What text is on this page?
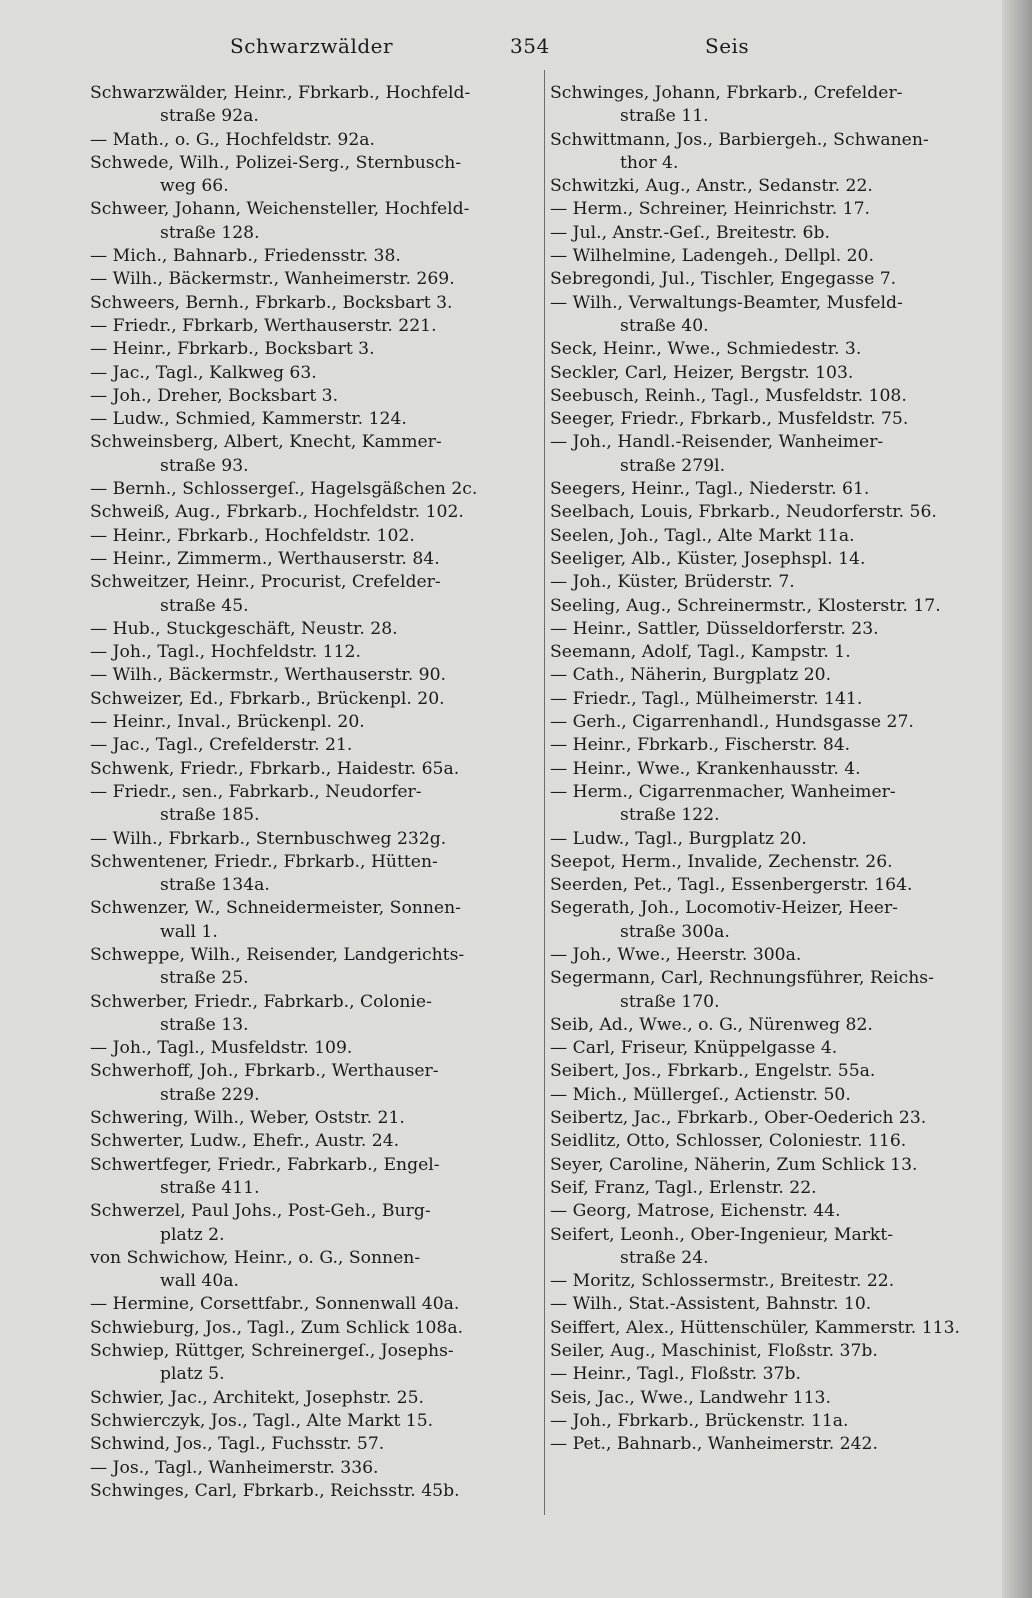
Schwarzwälder	354	Seis
Schwarzwälder, Heinr., Fbrkarb., Hochfeld-
straße 92a.
— Math., o. G., Hochfeldstr. 92a.
Schwede, Wilh., Polizei-Serg., Sternbusch-
weg 66.
Schweer, Johann, Weichensteller, Hochfeld-
straße 128.
— Mich., Bahnarb., Friedensstr. 38.
— Wilh., Bäckermstr., Wanheimerstr. 269.
Schweers, Bernh., Fbrkarb., Bocksbart 3.
— Friedr., Fbrkarb, Werthauserstr. 221.
— Heinr., Fbrkarb., Bocksbart 3.
— Jac., Tagl., Kalkweg 63.
— Joh., Dreher, Bocksbart 3.
— Ludw., Schmied, Kammerstr. 124.
Schweinsberg, Albert, Knecht, Kammer-
straße 93.
— Bernh., Schlossergeſ., Hagelsgäßchen 2c.
Schweiß, Aug., Fbrkarb., Hochfeldstr. 102.
— Heinr., Fbrkarb., Hochfeldstr. 102.
— Heinr., Zimmerm., Werthauserstr. 84.
Schweitzer, Heinr., Procurist, Crefelder-
straße 45.
— Hub., Stuckgeschäft, Neustr. 28.
— Joh., Tagl., Hochfeldstr. 112.
— Wilh., Bäckermstr., Werthauserstr. 90.
Schweizer, Ed., Fbrkarb., Brückenpl. 20.
— Heinr., Inval., Brückenpl. 20.
— Jac., Tagl., Crefelderstr. 21.
Schwenk, Friedr., Fbrkarb., Haidestr. 65a.
— Friedr., sen., Fabrkarb., Neudorfer-
straße 185.
— Wilh., Fbrkarb., Sternbuschweg 232g.
Schwentener, Friedr., Fbrkarb., Hütten-
straße 134a.
Schwenzer, W., Schneidermeister, Sonnen-
wall 1.
Schweppe, Wilh., Reisender, Landgerichts-
straße 25.
Schwerber, Friedr., Fabrkarb., Colonie-
straße 13.
— Joh., Tagl., Musfeldstr. 109.
Schwerhoff, Joh., Fbrkarb., Werthauser-
straße 229.
Schwering, Wilh., Weber, Oststr. 21.
Schwerter, Ludw., Ehefr., Austr. 24.
Schwertfeger, Friedr., Fabrkarb., Engel-
straße 411.
Schwerzel, Paul Johs., Post-Geh., Burg-
platz 2.
von Schwichow, Heinr., o. G., Sonnen-
wall 40a.
— Hermine, Corsettfabr., Sonnenwall 40a.
Schwieburg, Jos., Tagl., Zum Schlick 108a.
Schwiep, Rüttger, Schreinergeſ., Josephs-
platz 5.
Schwier, Jac., Architekt, Josephstr. 25.
Schwierczyk, Jos., Tagl., Alte Markt 15.
Schwind, Jos., Tagl., Fuchsstr. 57.
— Jos., Tagl., Wanheimerstr. 336.
Schwinges, Carl, Fbrkarb., Reichsstr. 45b.
Schwinges, Johann, Fbrkarb., Crefelder-
straße 11.
Schwittmann, Jos., Barbiergeh., Schwanen-
thor 4.
Schwitzki, Aug., Anstr., Sedanstr. 22.
— Herm., Schreiner, Heinrichstr. 17.
— Jul., Anstr.-Geſ., Breitestr. 6b.
— Wilhelmine, Ladengeh., Dellpl. 20.
Sebregondi, Jul., Tischler, Engegasse 7.
— Wilh., Verwaltungs-Beamter, Musfeld-
straße 40.
Seck, Heinr., Wwe., Schmiedestr. 3.
Seckler, Carl, Heizer, Bergstr. 103.
Seebusch, Reinh., Tagl., Musfeldstr. 108.
Seeger, Friedr., Fbrkarb., Musfeldstr. 75.
— Joh., Handl.-Reisender, Wanheimer-
straße 279l.
Seegers, Heinr., Tagl., Niederstr. 61.
Seelbach, Louis, Fbrkarb., Neudorferstr. 56.
Seelen, Joh., Tagl., Alte Markt 11a.
Seeliger, Alb., Küster, Josephspl. 14.
— Joh., Küster, Brüderstr. 7.
Seeling, Aug., Schreinermstr., Klosterstr. 17.
— Heinr., Sattler, Düsseldorferstr. 23.
Seemann, Adolf, Tagl., Kampstr. 1.
— Cath., Näherin, Burgplatz 20.
— Friedr., Tagl., Mülheimerstr. 141.
— Gerh., Cigarrenhandl., Hundsgasse 27.
— Heinr., Fbrkarb., Fischerstr. 84.
— Heinr., Wwe., Krankenhausstr. 4.
— Herm., Cigarrenmacher, Wanheimer-
straße 122.
— Ludw., Tagl., Burgplatz 20.
Seepot, Herm., Invalide, Zechenstr. 26.
Seerden, Pet., Tagl., Essenbergerstr. 164.
Segerath, Joh., Locomotiv-Heizer, Heer-
straße 300a.
— Joh., Wwe., Heerstr. 300a.
Segermann, Carl, Rechnungsführer, Reichs-
straße 170.
Seib, Ad., Wwe., o. G., Nürenweg 82.
— Carl, Friseur, Knüppelgasse 4.
Seibert, Jos., Fbrkarb., Engelstr. 55a.
— Mich., Müllergeſ., Actienstr. 50.
Seibertz, Jac., Fbrkarb., Ober-Oederich 23.
Seidlitz, Otto, Schlosser, Coloniestr. 116.
Seyer, Caroline, Näherin, Zum Schlick 13.
Seif, Franz, Tagl., Erlenstr. 22.
— Georg, Matrose, Eichenstr. 44.
Seifert, Leonh., Ober-Ingenieur, Markt-
straße 24.
— Moritz, Schlossermstr., Breitestr. 22.
— Wilh., Stat.-Assistent, Bahnstr. 10.
Seiffert, Alex., Hüttenschüler, Kammerstr. 113.
Seiler, Aug., Maschinist, Floßstr. 37b.
— Heinr., Tagl., Floßstr. 37b.
Seis, Jac., Wwe., Landwehr 113.
— Joh., Fbrkarb., Brückenstr. 11a.
— Pet., Bahnarb., Wanheimerstr. 242.
